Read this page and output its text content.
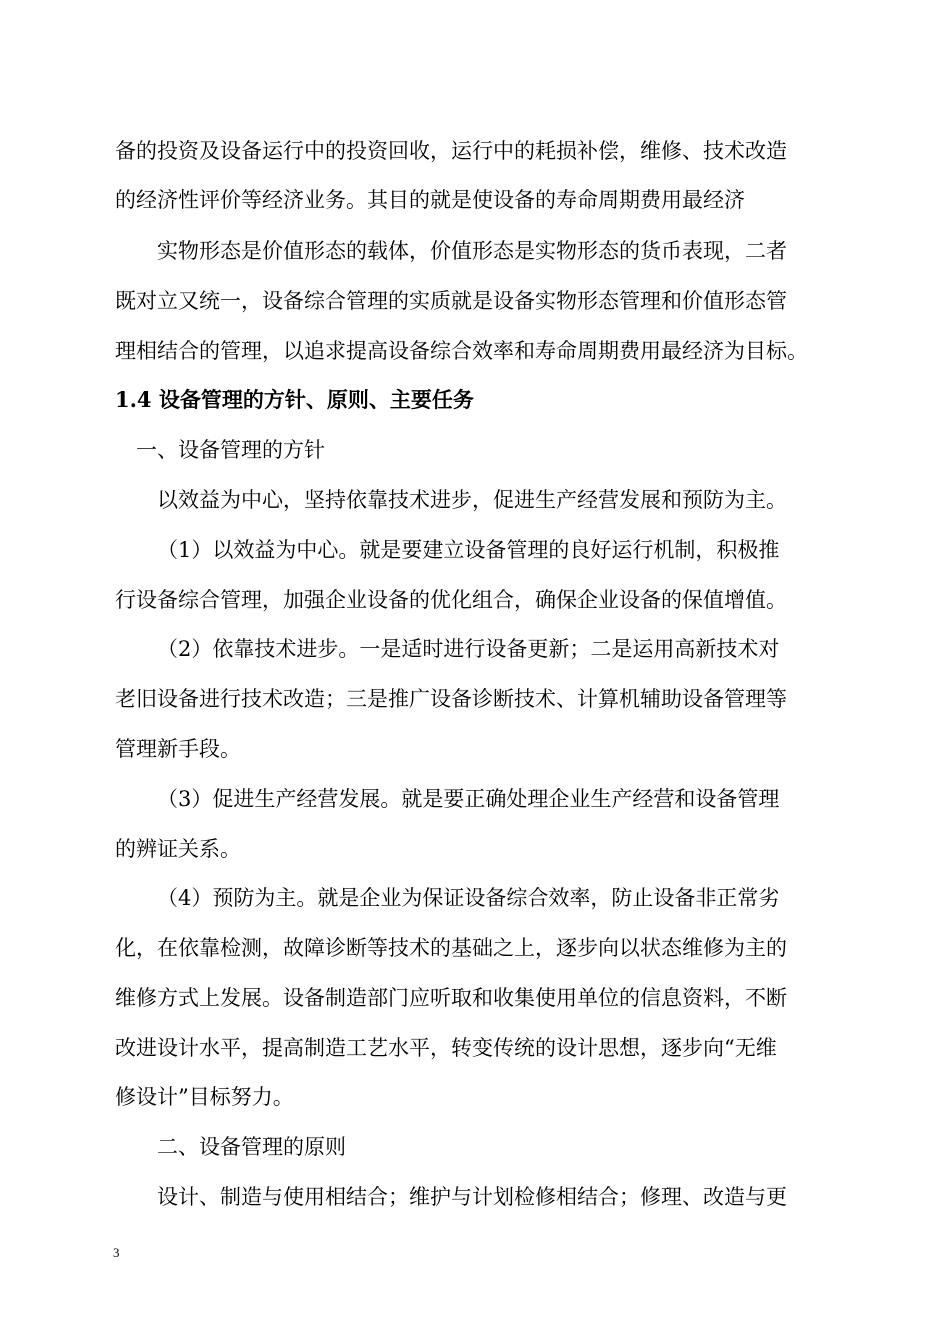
备的投资及设备运行中的投资回收，运行中的耗损补偿，维修、技术改造
的经济性评价等经济业务。其目的就是使设备的寿命周期费用最经济
实物形态是价值形态的载体，价值形态是实物形态的货币表现，二者
既对立又统一，设备综合管理的实质就是设备实物形态管理和价值形态管
理相结合的管理，以追求提高设备综合效率和寿命周期费用最经济为目标。
1.4 设备管理的方针、原则、主要任务
一、设备管理的方针
以效益为中心，坚持依靠技术进步，促进生产经营发展和预防为主。
（1）以效益为中心。就是要建立设备管理的良好运行机制，积极推
行设备综合管理，加强企业设备的优化组合，确保企业设备的保值增值。
（2）依靠技术进步。一是适时进行设备更新；二是运用高新技术对
老旧设备进行技术改造；三是推广设备诊断技术、计算机辅助设备管理等
管理新手段。
（3）促进生产经营发展。就是要正确处理企业生产经营和设备管理
的辨证关系。
（4）预防为主。就是企业为保证设备综合效率，防止设备非正常劣
化，在依靠检测，故障诊断等技术的基础之上，逐步向以状态维修为主的
维修方式上发展。设备制造部门应听取和收集使用单位的信息资料，不断
改进设计水平，提高制造工艺水平，转变传统的设计思想，逐步向“无维
修设计”目标努力。
二、设备管理的原则
设计、制造与使用相结合；维护与计划检修相结合；修理、改造与更
3
